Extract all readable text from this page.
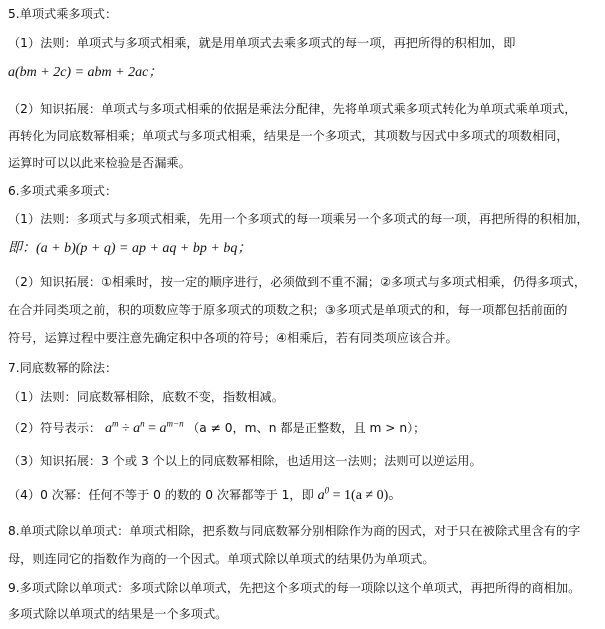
5.单项式乘多项式：
（1）法则：单项式与多项式相乘，就是用单项式去乘多项式的每一项，再把所得的积相加，即
a(bm + 2c) = abm + 2ac；
（2）知识拓展：单项式与多项式相乘的依据是乘法分配律，先将单项式乘多项式转化为单项式乘单项式，
再转化为同底数幂相乘；单项式与多项式相乘，结果是一个多项式，其项数与因式中多项式的项数相同，
运算时可以以此来检验是否漏乘。
6.多项式乘多项式：
（1）法则：多项式与多项式相乘，先用一个多项式的每一项乘另一个多项式的每一项，再把所得的积相加，
即：(a + b)(p + q) = ap + aq + bp + bq；
（2）知识拓展：①相乘时，按一定的顺序进行，必须做到不重不漏；②多项式与多项式相乘，仍得多项式，
在合并同类项之前，积的项数应等于原多项式的项数之积；③多项式是单项式的和，每一项都包括前面的
符号，运算过程中要注意先确定积中各项的符号；④相乘后，若有同类项应该合并。
7.同底数幂的除法：
（1）法则：同底数幂相除，底数不变，指数相减。
（2）符号表示： $a^m \div a^n = a^{m-n}$ （a ≠ 0，m、n 都是正整数，且 m > n）；
（3）知识拓展：3 个或 3 个以上的同底数幂相除，也适用这一法则；法则可以逆运用。
（4）0 次幂：任何不等于 0 的数的 0 次幂都等于 1，即 $a^0 = 1(a \ne 0)$。
8.单项式除以单项式：单项式相除，把系数与同底数幂分别相除作为商的因式，对于只在被除式里含有的字
母，则连同它的指数作为商的一个因式。单项式除以单项式的结果仍为单项式。
9.多项式除以单项式：多项式除以单项式，先把这个多项式的每一项除以这个单项式，再把所得的商相加。
多项式除以单项式的结果是一个多项式。
